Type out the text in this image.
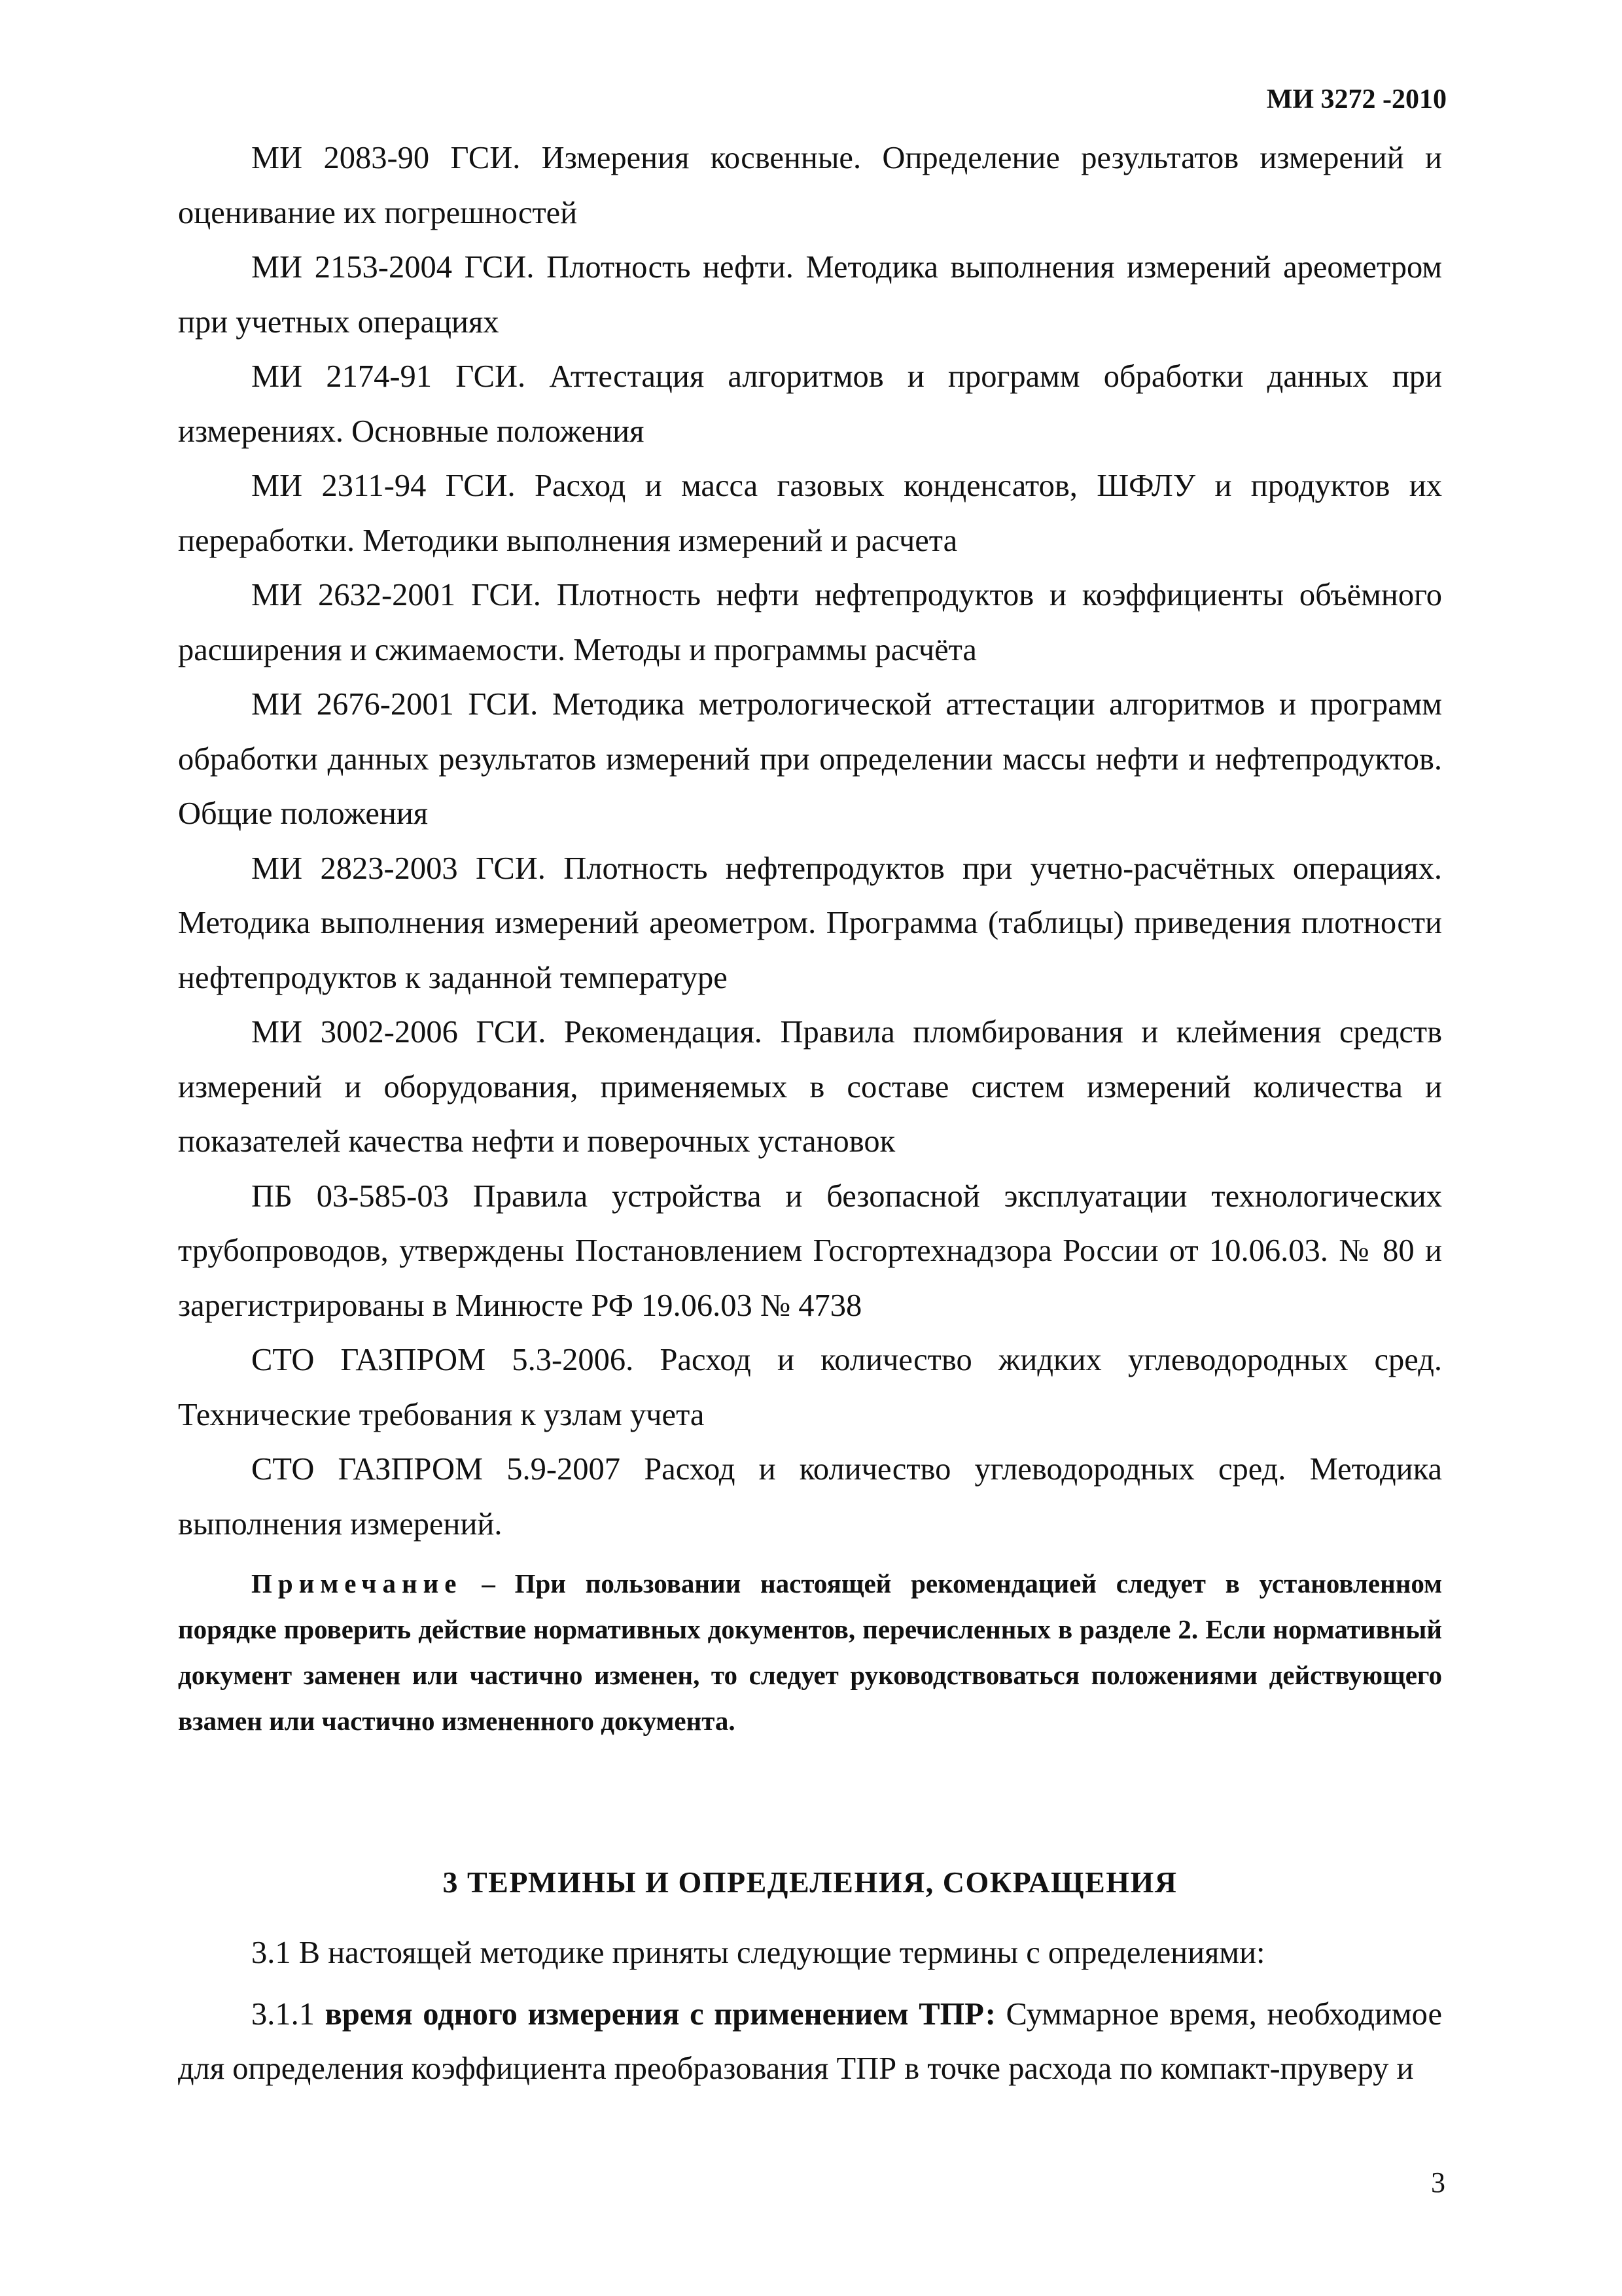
МИ 3272 -2010

МИ 2083-90 ГСИ. Измерения косвенные. Определение результатов измерений и оценивание их погрешностей

МИ 2153-2004 ГСИ. Плотность нефти. Методика выполнения измерений ареометром при учетных операциях

МИ 2174-91 ГСИ. Аттестация алгоритмов и программ обработки данных при измерениях. Основные положения

МИ 2311-94 ГСИ. Расход и масса газовых конденсатов, ШФЛУ и продуктов их переработки. Методики выполнения измерений и расчета

МИ 2632-2001 ГСИ. Плотность нефти нефтепродуктов и коэффициенты объёмного расширения и сжимаемости. Методы и программы расчёта

МИ 2676-2001 ГСИ. Методика метрологической аттестации алгоритмов и программ обработки данных результатов измерений при определении массы нефти и нефтепродуктов. Общие положения

МИ 2823-2003 ГСИ. Плотность нефтепродуктов при учетно-расчётных операциях. Методика выполнения измерений ареометром. Программа (таблицы) приведения плотности нефтепродуктов к заданной температуре

МИ 3002-2006 ГСИ. Рекомендация. Правила пломбирования и клеймения средств измерений и оборудования, применяемых в составе систем измерений количества и показателей качества нефти и поверочных установок

ПБ 03-585-03 Правила устройства и безопасной эксплуатации технологических трубопроводов, утверждены Постановлением Госгортехнадзора России от 10.06.03. № 80 и зарегистрированы в Минюсте РФ 19.06.03 № 4738

СТО ГАЗПРОМ 5.3-2006. Расход и количество жидких углеводородных сред. Технические требования к узлам учета

СТО ГАЗПРОМ 5.9-2007 Расход и количество углеводородных сред. Методика выполнения измерений.

Примечание – При пользовании настоящей рекомендацией следует в установленном порядке проверить действие нормативных документов, перечисленных в разделе 2. Если нормативный документ заменен или частично изменен, то следует руководствоваться положениями действующего взамен или частично измененного документа.

3 ТЕРМИНЫ И ОПРЕДЕЛЕНИЯ, СОКРАЩЕНИЯ

3.1 В настоящей методике приняты следующие термины с определениями:

3.1.1 время одного измерения с применением ТПР: Суммарное время, необходимое для определения коэффициента преобразования ТПР в точке расхода по компакт-пруверу и

3
